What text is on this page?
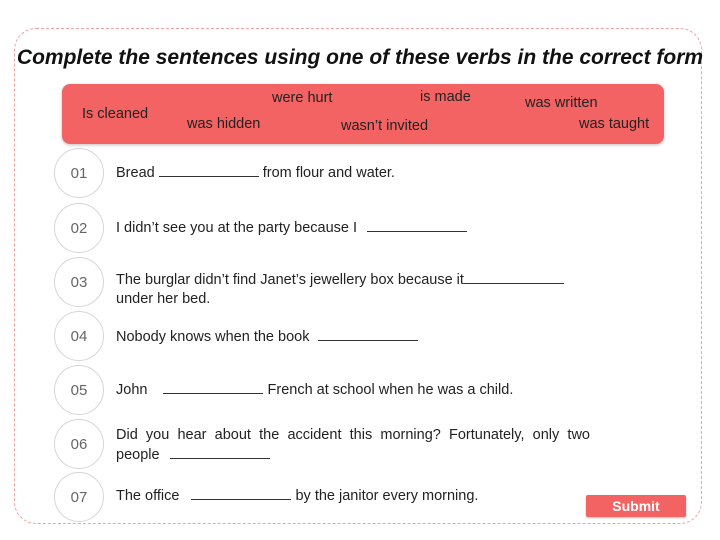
Complete the sentences using one of these verbs in the correct form
Is cleaned
were hurt
was hidden	wasn’t invited
is made	was written
was taught
01	Bread	from flour and water.
02	I didn’t see you at the party because I
03	The burglar didn’t find Janet’s jewellery box because it
under her bed.
04	Nobody knows when the book
05	John	French at school when he was a child.
06
Did you hear about the accident this morning? Fortunately, only two people
07	The office	by the janitor every morning.
Submit
